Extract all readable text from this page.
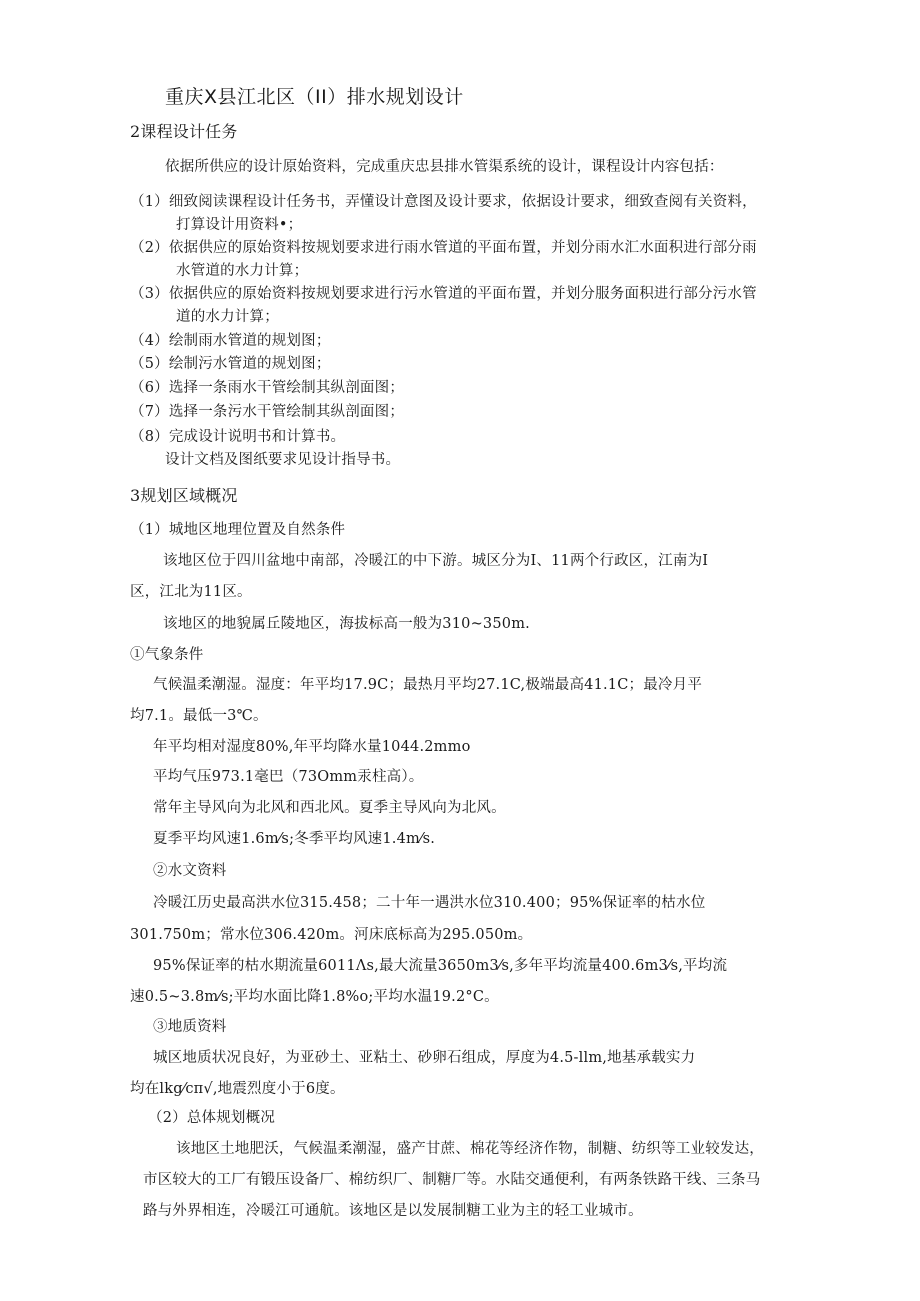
重庆X县江北区（II）排水规划设计
2课程设计任务
依据所供应的设计原始资料，完成重庆忠县排水管渠系统的设计，课程设计内容包括：
（1）细致阅读课程设计任务书，弄懂设计意图及设计要求，依据设计要求，细致查阅有关资料，
打算设计用资料•；
（2）依据供应的原始资料按规划要求进行雨水管道的平面布置，并划分雨水汇水面积进行部分雨
水管道的水力计算；
（3）依据供应的原始资料按规划要求进行污水管道的平面布置，并划分服务面积进行部分污水管
道的水力计算；
（4）绘制雨水管道的规划图；
（5）绘制污水管道的规划图；
（6）选择一条雨水干管绘制其纵剖面图；
（7）选择一条污水干管绘制其纵剖面图；
（8）完成设计说明书和计算书。
设计文档及图纸要求见设计指导书。
3规划区域概况
（1）城地区地理位置及自然条件
该地区位于四川盆地中南部，冷暖江的中下游。城区分为I、11两个行政区，江南为I
区，江北为11区。
该地区的地貌属丘陵地区，海拔标高一般为310~350m.
①气象条件
气候温柔潮湿。湿度：年平均17.9C；最热月平均27.1C,极端最高41.1C；最冷月平
均7.1。最低一3℃。
年平均相对湿度80%,年平均降水量1044.2mmo
平均气压973.1毫巴（73Omm汞柱高）。
常年主导风向为北风和西北风。夏季主导风向为北风。
夏季平均风速1.6m⁄s;冬季平均风速1.4m⁄s.
②水文资料
冷暖江历史最高洪水位315.458；二十年一遇洪水位310.400；95%保证率的枯水位
301.750m；常水位306.420m。河床底标高为295.050m。
95%保证率的枯水期流量6011Λs,最大流量3650m3⁄s,多年平均流量400.6m3⁄s,平均流
速0.5~3.8m⁄s;平均水面比降1.8%o;平均水温19.2°C。
③地质资料
城区地质状况良好，为亚砂土、亚粘土、砂卵石组成，厚度为4.5-llm,地基承载实力
均在lkg⁄cπ√,地震烈度小于6度。
（2）总体规划概况
该地区土地肥沃，气候温柔潮湿，盛产甘蔗、棉花等经济作物，制糖、纺织等工业较发达，
市区较大的工厂有锻压设备厂、棉纺织厂、制糖厂等。水陆交通便利，有两条铁路干线、三条马
路与外界相连，冷暖江可通航。该地区是以发展制糖工业为主的轻工业城市。
